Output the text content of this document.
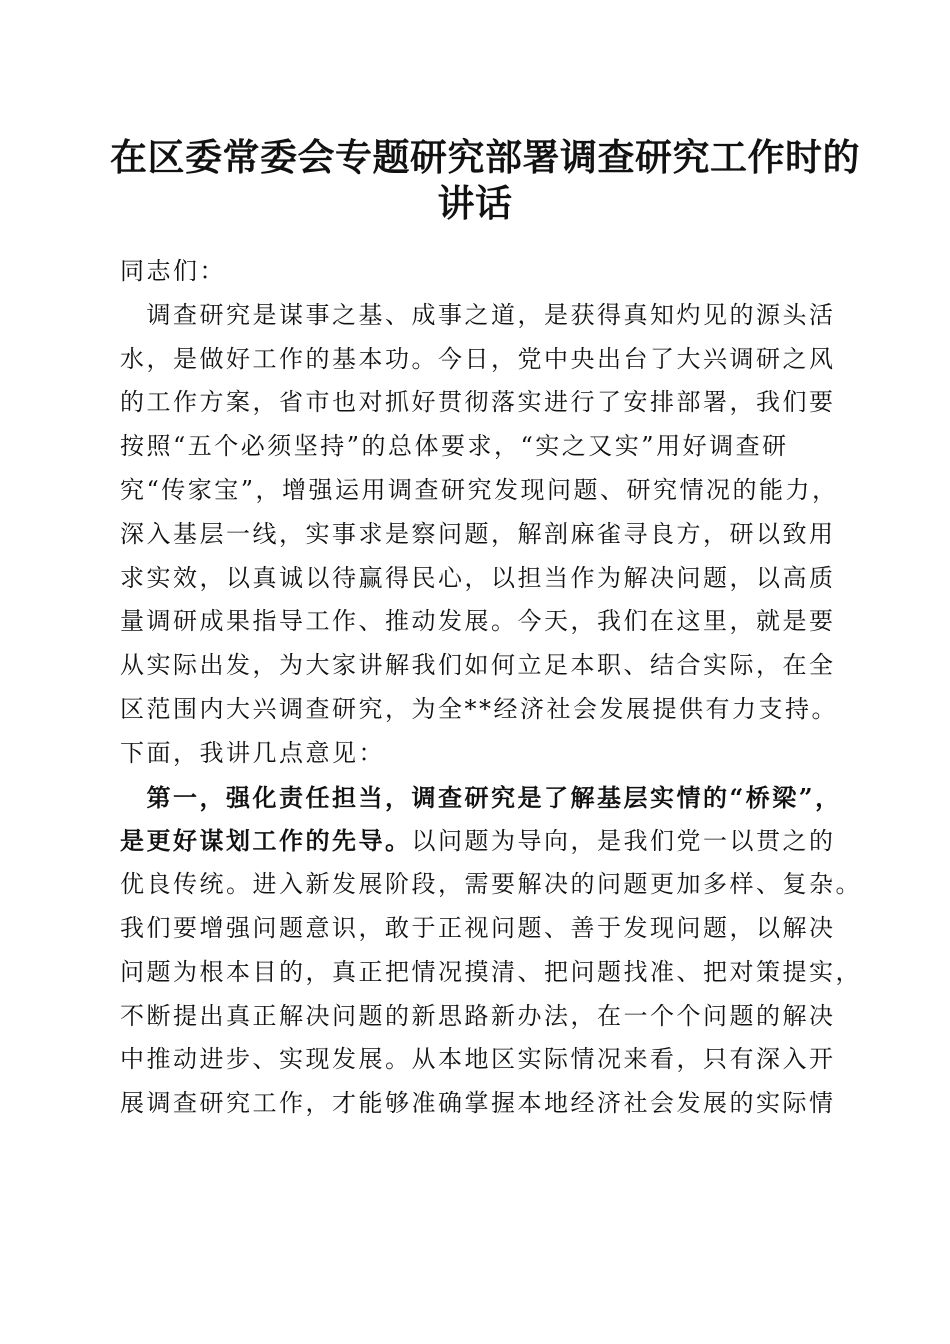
在区委常委会专题研究部署调查研究工作时的
讲话
同志们：
　调查研究是谋事之基、成事之道，是获得真知灼见的源头活
水，是做好工作的基本功。今日，党中央出台了大兴调研之风
的工作方案，省市也对抓好贯彻落实进行了安排部署，我们要
按照“五个必须坚持”的总体要求，“实之又实”用好调查研
究“传家宝”，增强运用调查研究发现问题、研究情况的能力，
深入基层一线，实事求是察问题，解剖麻雀寻良方，研以致用
求实效，以真诚以待赢得民心，以担当作为解决问题，以高质
量调研成果指导工作、推动发展。今天，我们在这里，就是要
从实际出发，为大家讲解我们如何立足本职、结合实际，在全
区范围内大兴调查研究，为全**经济社会发展提供有力支持。
下面，我讲几点意见：
　第一，强化责任担当，调查研究是了解基层实情的“桥梁”，
是更好谋划工作的先导。以问题为导向，是我们党一以贯之的
优良传统。进入新发展阶段，需要解决的问题更加多样、复杂。
我们要增强问题意识，敢于正视问题、善于发现问题，以解决
问题为根本目的，真正把情况摸清、把问题找准、把对策提实，
不断提出真正解决问题的新思路新办法，在一个个问题的解决
中推动进步、实现发展。从本地区实际情况来看，只有深入开
展调查研究工作，才能够准确掌握本地经济社会发展的实际情
